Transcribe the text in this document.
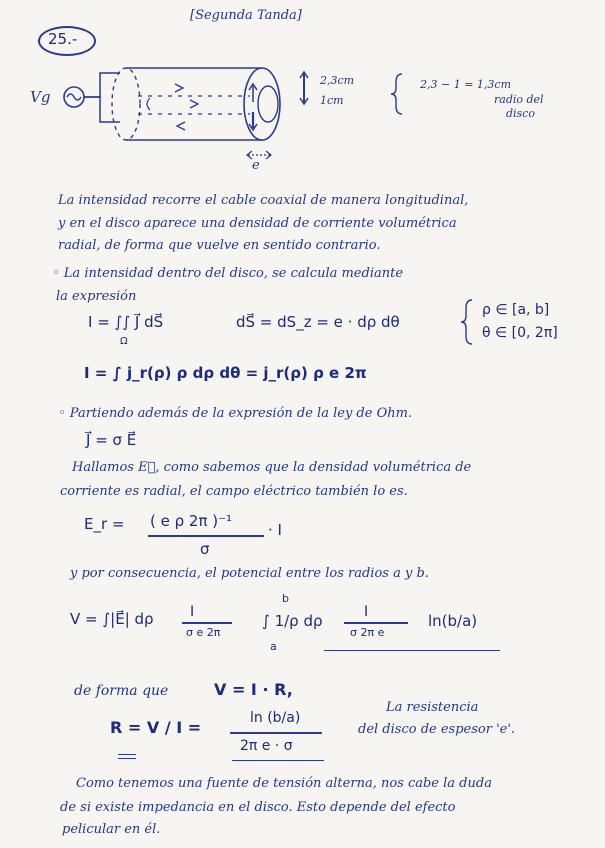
25.-
[Segunda Tanda]
Vg
2,3cm
1cm
e
2,3 − 1 = 1,3cm
radio del
disco
La intensidad recorre el cable coaxial de manera longitudinal,
y en el disco aparece una densidad de corriente volumétrica
radial, de forma que vuelve en sentido contrario.
◦ La intensidad dentro del disco, se calcula mediante
la expresión
I = ∫∫ J⃗ dS⃗
Ω
dS⃗ = dS_z = e · dρ dθ
ρ ∈ [a, b]
θ ∈ [0, 2π]
I = ∫ j_r(ρ) ρ dρ dθ = j_r(ρ) ρ e 2π
◦ Partiendo además de la expresión de la ley de Ohm.
J⃗ = σ E⃗
Hallamos E⃗, como sabemos que la densidad volumétrica de
corriente es radial, el campo eléctrico también lo es.
E_r = ( e ρ 2π )⁻¹ · I
σ
y por consecuencia, el potencial entre los radios a y b.
V = ∫|E⃗| dρ	I
σ e 2π
b
a
∫ 1/ρ dρ	I
σ 2π e
ln(b/a)
de forma que	V = I · R,
La resistencia
del disco de espesor 'e'.
R = V / I =	ln (b/a)
2π e · σ
Como tenemos una fuente de tensión alterna, nos cabe la duda
de si existe impedancia en el disco. Esto depende del efecto
pelicular en él.
